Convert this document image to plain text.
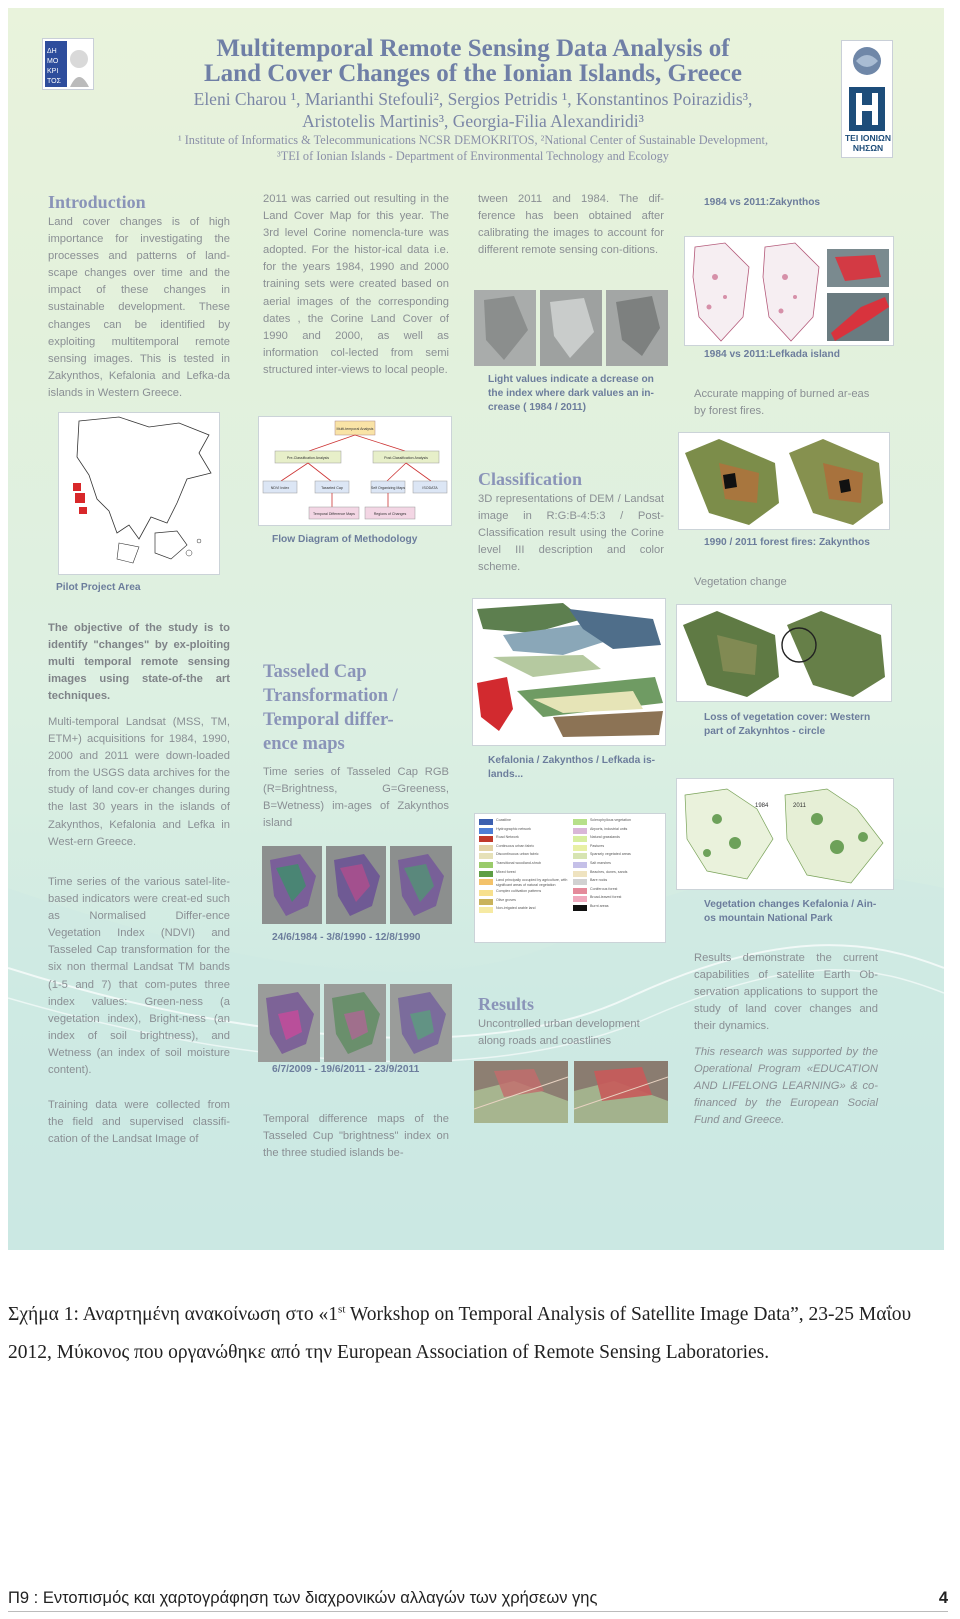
ΔΗ
ΜΟ
ΚΡΙ
ΤΟΣ
TEI IONIΩN NHΣΩN
Multitemporal Remote Sensing Data Analysis of
Land Cover Changes of the Ionian Islands, Greece
Eleni Charou ¹, Marianthi Stefouli², Sergios Petridis ¹, Konstantinos Poirazidis³,
Aristotelis Martinis³, Georgia-Filia Alexandiridi³
¹ Institute of Informatics & Telecommunications NCSR DEMOKRITOS, ²National Center of Sustainable Development,
³TEI of Ionian Islands - Department of Environmental Technology and Ecology
Introduction
Land cover changes is of high importance for investigating the processes and patterns of land-scape changes over time and the impact of these changes in sustainable development. These changes can be identified by exploiting multitemporal remote sensing images. This is tested in Zakynthos, Kefalonia and Lefka-da islands in Western Greece.
Pilot Project Area
The objective of the study is to identify "changes" by ex-ploiting multi temporal remote sensing images using state-of-the art techniques.
Multi-temporal Landsat (MSS, TM, ETM+) acquisitions for 1984, 1990, 2000 and 2011 were down-loaded from the USGS data archives for the study of land cov-er changes during the last 30 years in the islands of Zakynthos, Kefalonia and Lefka in West-ern Greece.
Time series of the various satel-lite-based indicators were creat-ed such as Normalised Differ-ence Vegetation Index (NDVI) and Tasseled Cap transformation for the six non thermal Landsat TM bands (1-5 and 7) that com-putes three index values: Green-ness (a vegetation index), Bright-ness (an index of soil brightness), and Wetness (an index of soil moisture content).
Training data were collected from the field and supervised classifi-cation of the Landsat Image of
2011 was carried out resulting in the Land Cover Map for this year. The 3rd level Corine nomencla-ture was adopted. For the histor-ical data i.e. for the years 1984, 1990 and 2000 training sets were created based on aerial images of the corresponding dates , the Corine Land Cover of 1990 and 2000, as well as information col-lected from semi structured inter-views to local people.
Multi-temporal Analysis
Pre-Classification Analysis	Post-Classification Analysis
NDVI Index	Tasseled Cap	Self Organizing Maps	ISODATA
Temporal Difference Maps	Regions of Changes
Flow Diagram of Methodology
Tasseled Cap
Transformation /
Temporal differ-
ence maps
Time series of Tasseled Cap RGB (R=Brightness, G=Greeness, B=Wetness) im-ages of Zakynthos island
24/6/1984 - 3/8/1990 - 12/8/1990
6/7/2009 - 19/6/2011 - 23/9/2011
Temporal difference maps of the Tasseled Cup "brightness" index on the three studied islands be-
tween 2011 and 1984. The dif-ference has been obtained after calibrating the images to account for different remote sensing con-ditions.
Light values indicate a dcrease on the index where dark values an in-crease ( 1984 / 2011)
Classification
3D representations of DEM / Landsat image in R:G:B-4:5:3 / Post-Classification result using the Corine level III description and color scheme.
Kefalonia / Zakynthos / Lefkada is-lands...
Coastline
Hydrographic network
Road Network
Continuous urban fabric
Discontinuous urban fabric
Transitional woodland-shrub
Mixed forest
Land principally occupied by agriculture, with significant areas of natural vegetation
Complex cultivation patterns
Olive groves
Non-irrigated arable land
Sclerophyllous vegetation
Airports, industrial units
Natural grasslands
Pastures
Sparsely vegetated areas
Salt marshes
Beaches, dunes, sands
Bare rocks
Coniferous forest
Broad-leaved forest
Burnt areas
Results
Uncontrolled urban development along roads and coastlines
1984 vs 2011:Zakynthos
1984 vs 2011:Lefkada island
Accurate mapping of burned ar-eas by forest fires.
1990 / 2011 forest fires: Zakynthos
Vegetation change
Loss of vegetation cover: Western part of Zakynhtos - circle
1984	2011
Vegetation changes Kefalonia / Ain-os mountain National Park
Results demonstrate the current capabilities of satellite Earth Ob-servation applications to support the study of land cover changes and their dynamics.
This research was supported by the Operational Program «EDUCATION AND LIFELONG LEARNING» & co-financed by the European Social Fund and Greece.
Σχήμα 1: Αναρτημένη ανακοίνωση στο «1st Workshop on Temporal Analysis of Satellite Image Data”, 23-25 Μαΐου 2012, Μύκονος που οργανώθηκε από την European Association of Remote Sensing Laboratories.
Π9 : Εντοπισμός και χαρτογράφηση των διαχρονικών αλλαγών των χρήσεων γης	4
